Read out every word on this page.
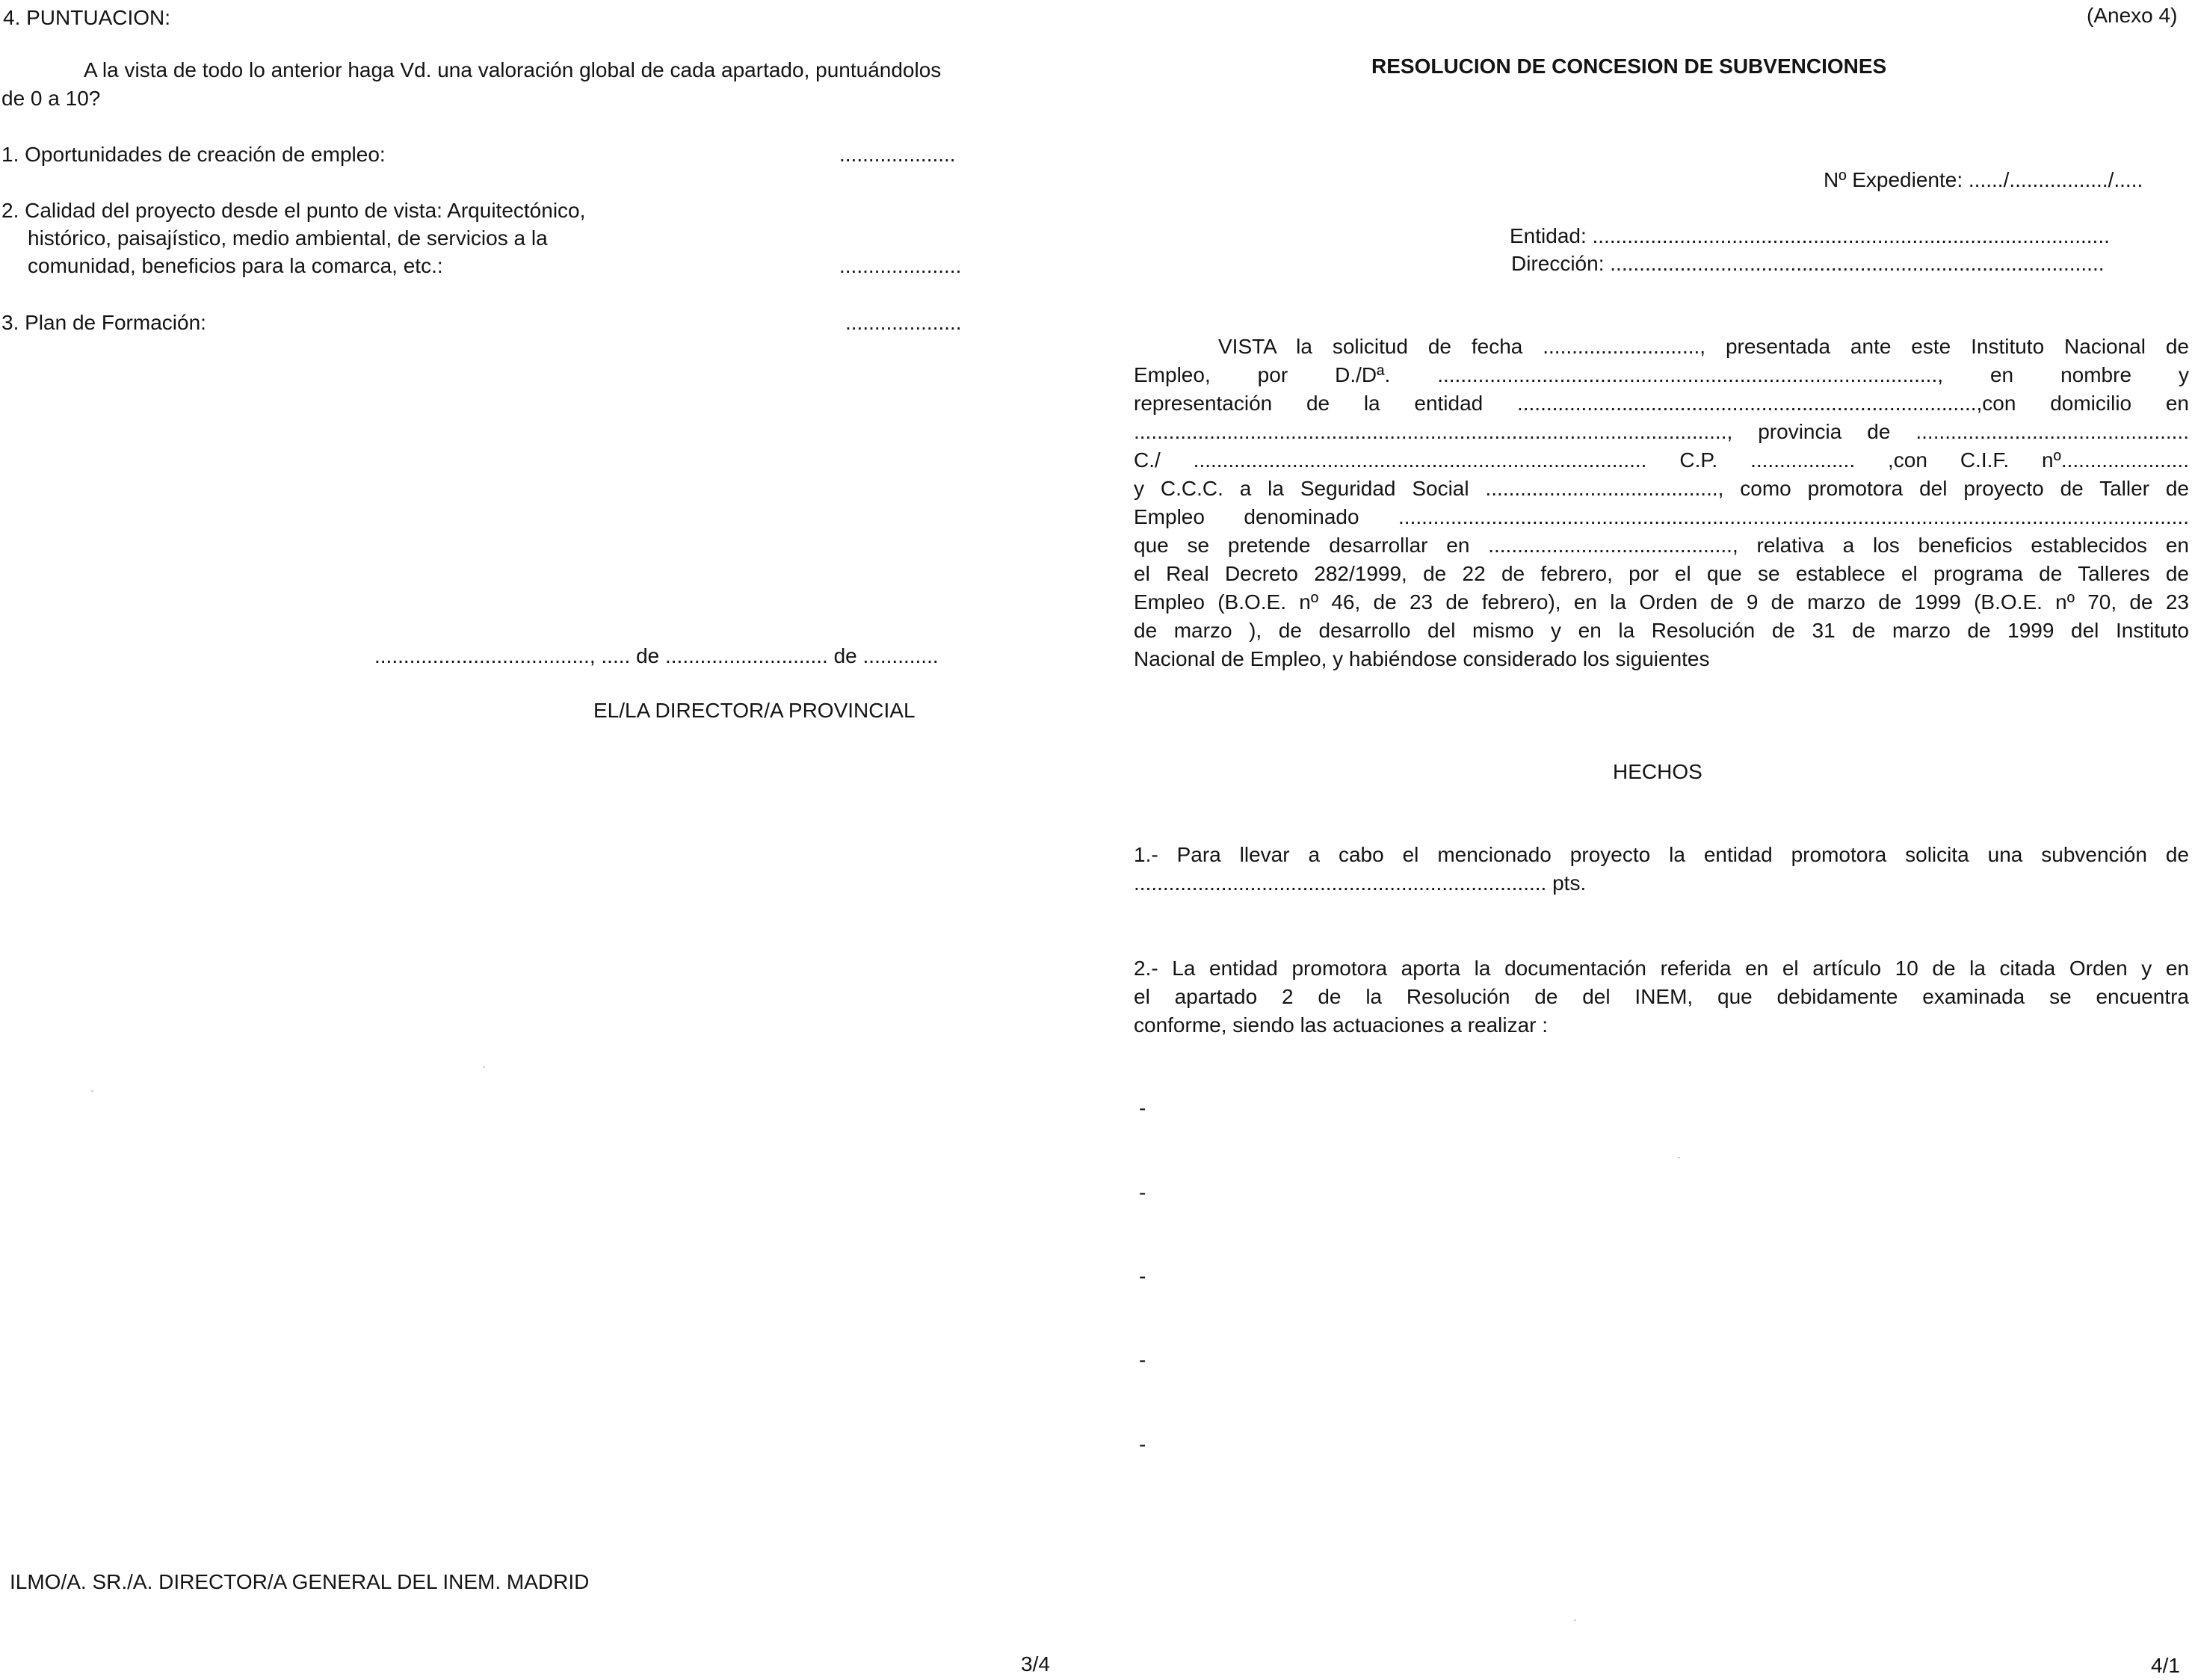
4. PUNTUACION:
A la vista de todo lo anterior haga Vd. una valoración global de cada apartado, puntuándolos
de 0 a 10?
1. Oportunidades de creación de empleo:	....................
2. Calidad del proyecto desde el punto de vista: Arquitectónico,
histórico, paisajístico, medio ambiental, de servicios a la
comunidad, beneficios para la comarca, etc.:	.....................
3. Plan de Formación:	....................
....................................., ..... de ............................ de .............
EL/LA DIRECTOR/A PROVINCIAL
ILMO/A. SR./A. DIRECTOR/A GENERAL DEL INEM. MADRID
3/4
(Anexo 4)
RESOLUCION DE CONCESION DE SUBVENCIONES
Nº Expediente: ....../................./.....
Entidad: .........................................................................................
Dirección: .....................................................................................
VISTA la solicitud de fecha ..........................., presentada ante este Instituto Nacional de
Empleo, por D./Dª. ......................................................................................, en nombre y
representación de la entidad ...............................................................................,con domicilio en
......................................................................................................, provincia de ...............................................
C./ .............................................................................. C.P. .................. ,con C.I.F. nº......................
y C.C.C. a la Seguridad Social ........................................, como promotora del proyecto de Taller de
Empleo denominado ........................................................................................................................................
que se pretende desarrollar en .........................................., relativa a los beneficios establecidos en
el Real Decreto 282/1999, de 22 de febrero, por el que se establece el programa de Talleres de
Empleo (B.O.E. nº 46, de 23 de febrero), en la Orden de 9 de marzo de 1999 (B.O.E. nº 70, de 23
de marzo ), de desarrollo del mismo y en la Resolución de 31 de marzo de 1999 del Instituto
Nacional de Empleo, y habiéndose considerado los siguientes
HECHOS
1.- Para llevar a cabo el mencionado proyecto la entidad promotora solicita una subvención de
....................................................................... pts.
2.- La entidad promotora aporta la documentación referida en el artículo 10 de la citada Orden y en
el apartado 2 de la Resolución de del INEM, que debidamente examinada se encuentra
conforme, siendo las actuaciones a realizar :
-
-
-
-
-
4/1
